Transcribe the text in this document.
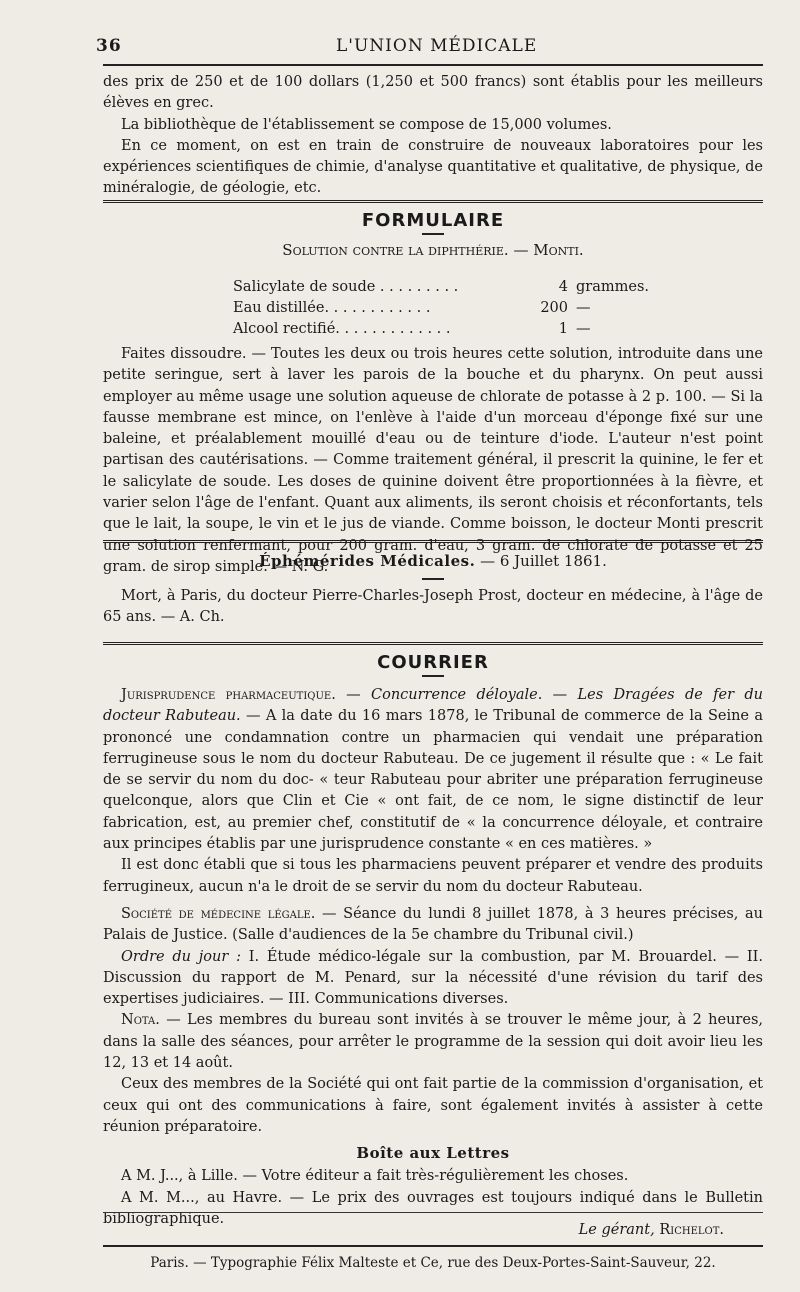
36	L'UNION MÉDICALE

des prix de 250 et de 100 dollars (1,250 et 500 francs) sont établis pour les meilleurs élèves en grec.

La bibliothèque de l'établissement se compose de 15,000 volumes.

En ce moment, on est en train de construire de nouveaux laboratoires pour les expériences scientifiques de chimie, d'analyse quantitative et qualitative, de physique, de minéralogie, de géologie, etc.

FORMULAIRE
Solution contre la diphthérie. — Monti.
Salicylate de soude . . . . . . . . .	4 grammes.
Eau distillée. . . . . . . . . . . .	200 —
Alcool rectifié. . . . . . . . . . . . .	1 —

Faites dissoudre. — Toutes les deux ou trois heures cette solution, introduite dans une petite seringue, sert à laver les parois de la bouche et du pharynx. On peut aussi employer au même usage une solution aqueuse de chlorate de potasse à 2 p. 100. — Si la fausse membrane est mince, on l'enlève à l'aide d'un morceau d'éponge fixé sur une baleine, et préalablement mouillé d'eau ou de teinture d'iode. L'auteur n'est point partisan des cautérisations. — Comme traitement général, il prescrit la quinine, le fer et le salicylate de soude. Les doses de quinine doivent être proportionnées à la fièvre, et varier selon l'âge de l'enfant. Quant aux aliments, ils seront choisis et réconfortants, tels que le lait, la soupe, le vin et le jus de viande. Comme boisson, le docteur Monti prescrit une solution renfermant, pour 200 gram. d'eau, 3 gram. de chlorate de potasse et 25 gram. de sirop simple. — N. G.

Éphémérides Médicales. — 6 Juillet 1861.

Mort, à Paris, du docteur Pierre-Charles-Joseph Prost, docteur en médecine, à l'âge de 65 ans. — A. Ch.

COURRIER

Jurisprudence pharmaceutique. — Concurrence déloyale. — Les Dragées de fer du docteur Rabuteau. — A la date du 16 mars 1878, le Tribunal de commerce de la Seine a prononcé une condamnation contre un pharmacien qui vendait une préparation ferrugineuse sous le nom du docteur Rabuteau. De ce jugement il résulte que : « Le fait de se servir du nom du doc- « teur Rabuteau pour abriter une préparation ferrugineuse quelconque, alors que Clin et Cie « ont fait, de ce nom, le signe distinctif de leur fabrication, est, au premier chef, constitutif de « la concurrence déloyale, et contraire aux principes établis par une jurisprudence constante « en ces matières. »

Il est donc établi que si tous les pharmaciens peuvent préparer et vendre des produits ferrugineux, aucun n'a le droit de se servir du nom du docteur Rabuteau.

Société de médecine légale. — Séance du lundi 8 juillet 1878, à 3 heures précises, au Palais de Justice. (Salle d'audiences de la 5e chambre du Tribunal civil.)

Ordre du jour : I. Étude médico-légale sur la combustion, par M. Brouardel. — II. Discussion du rapport de M. Penard, sur la nécessité d'une révision du tarif des expertises judiciaires. — III. Communications diverses.

Nota. — Les membres du bureau sont invités à se trouver le même jour, à 2 heures, dans la salle des séances, pour arrêter le programme de la session qui doit avoir lieu les 12, 13 et 14 août.

Ceux des membres de la Société qui ont fait partie de la commission d'organisation, et ceux qui ont des communications à faire, sont également invités à assister à cette réunion préparatoire.

Boîte aux Lettres

A M. J..., à Lille. — Votre éditeur a fait très-régulièrement les choses.

A M. M..., au Havre. — Le prix des ouvrages est toujours indiqué dans le Bulletin bibliographique.

Le gérant, Richelot.
Paris. — Typographie Félix Malteste et Ce, rue des Deux-Portes-Saint-Sauveur, 22.
